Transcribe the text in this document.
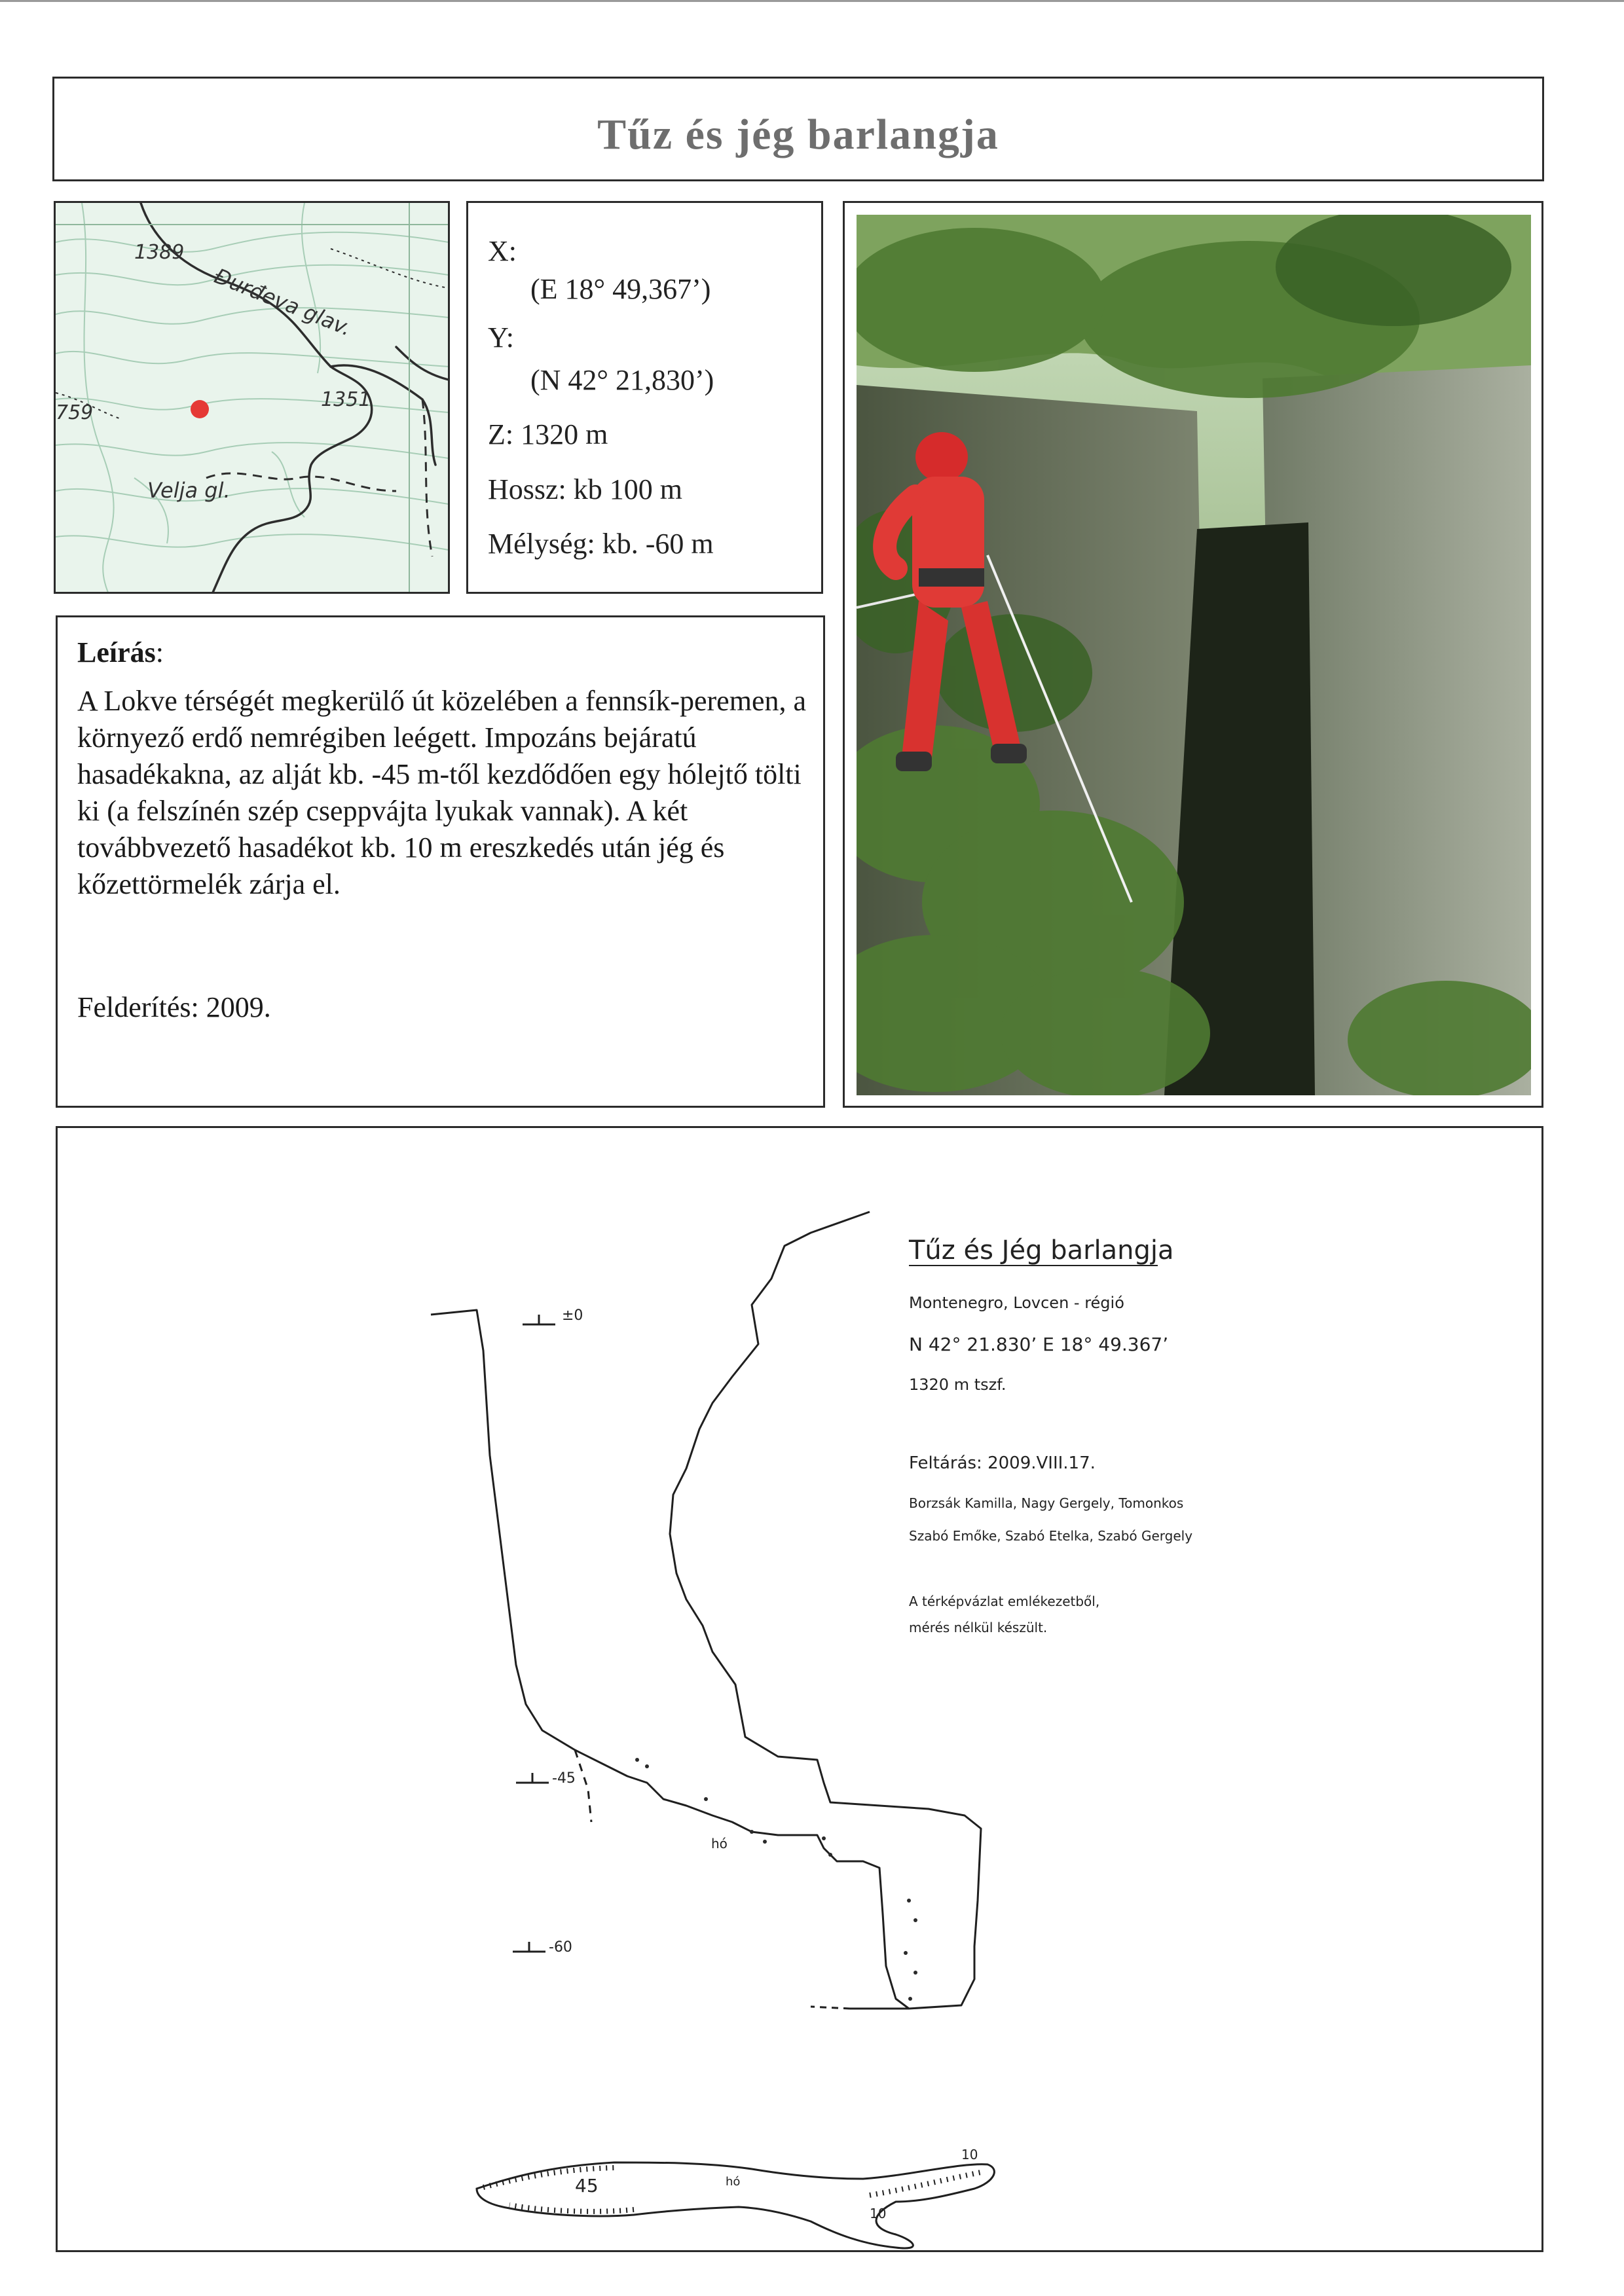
Tűz és jég barlangja
1389
Đurđeva glav.
1351
759
Velja gl.
X:
(E 18° 49,367’)
Y:
(N 42° 21,830’)
Z: 1320 m
Hossz: kb 100 m
Mélység: kb. -60 m
Leírás:
A Lokve térségét megkerülő út közelében a fennsík-peremen, a környező erdő nemrégiben leégett. Impozáns bejáratú hasadékakna, az alját kb. -45 m-től kezdődően egy hólejtő tölti ki (a felszínén szép cseppvájta lyukak vannak). A két továbbvezető hasadékot kb. 10 m ereszkedés után jég és kőzettörmelék zárja el.
Felderítés: 2009.
±0
-45
-60
hó
Tűz és Jég barlangja
Montenegro, Lovcen - régió
N 42° 21.830’ E 18° 49.367’
1320 m tszf.
Feltárás: 2009.VIII.17.
Borzsák Kamilla, Nagy Gergely, Tomonkos
Szabó Emőke, Szabó Etelka, Szabó Gergely
A térképvázlat emlékezetből,
mérés nélkül készült.
45
10
10
hó
